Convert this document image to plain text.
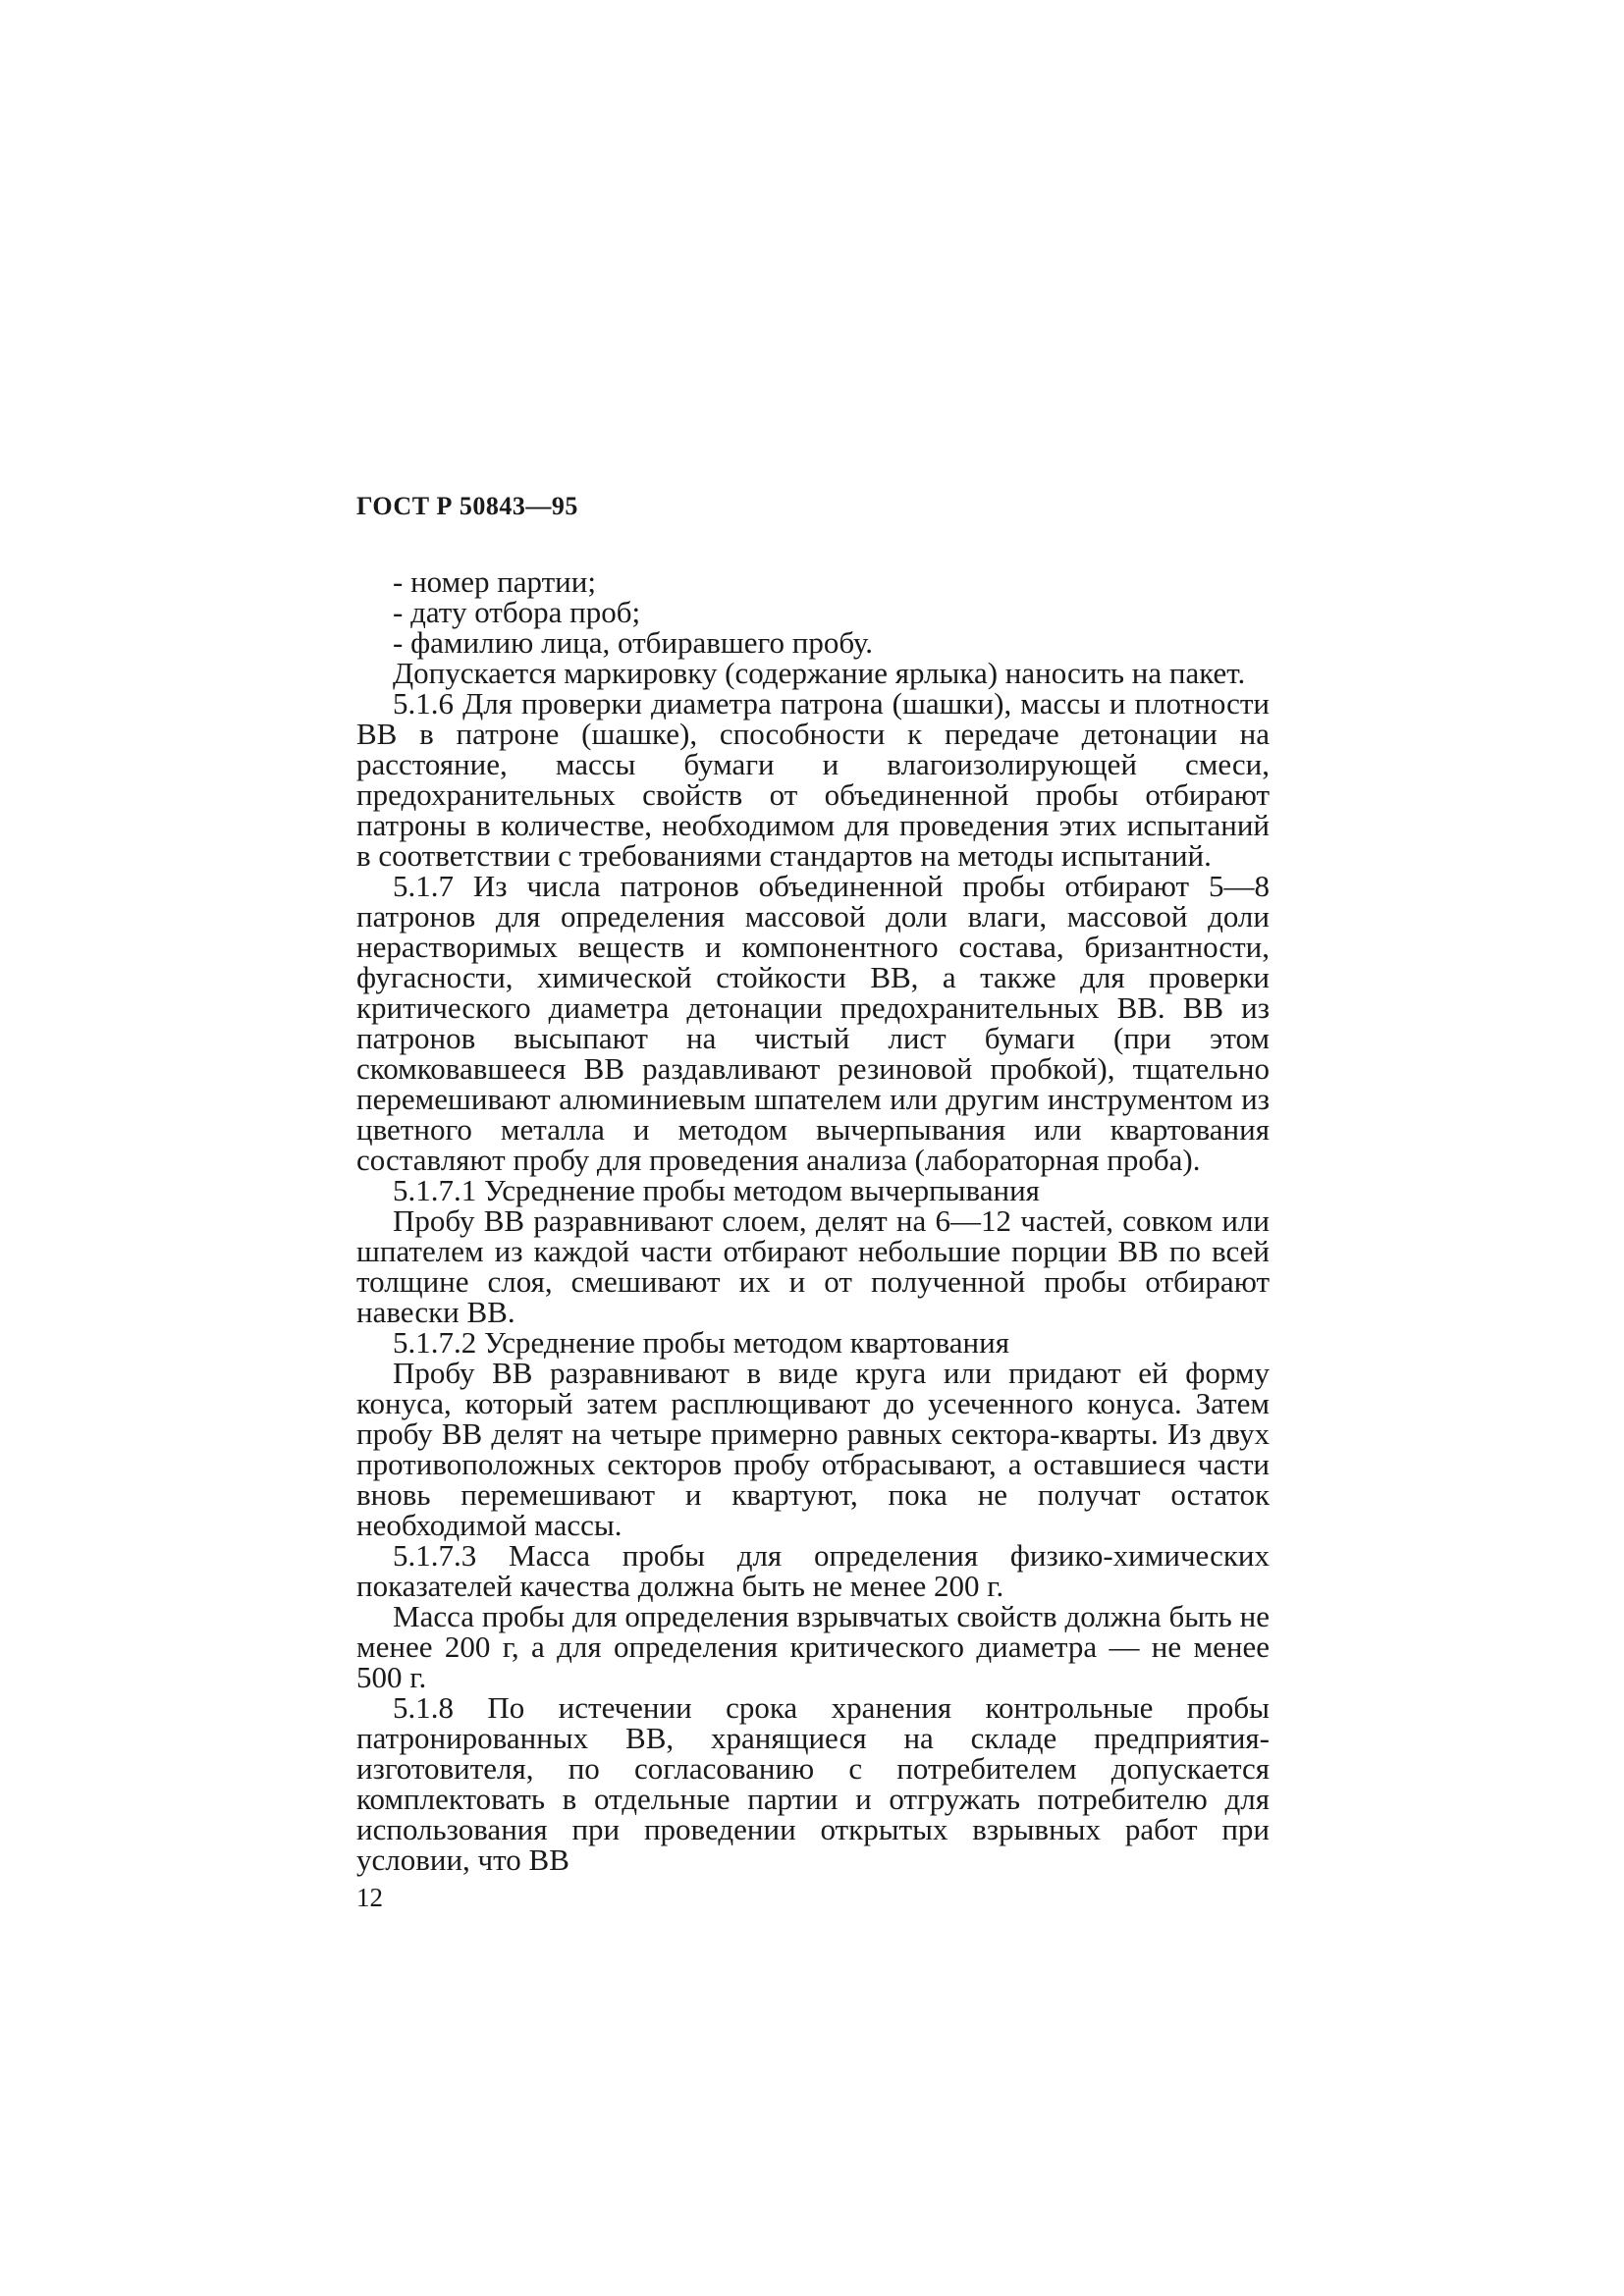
ГОСТ Р 50843—95
- номер партии;
- дату отбора проб;
- фамилию лица, отбиравшего пробу.

Допускается маркировку (содержание ярлыка) наносить на пакет.

5.1.6 Для проверки диаметра патрона (шашки), массы и плотности ВВ в патроне (шашке), способности к передаче детонации на расстояние, массы бумаги и влагоизолирующей смеси, предохранительных свойств от объединенной пробы отбирают патроны в количестве, необходимом для проведения этих испытаний в соответствии с требованиями стандартов на методы испытаний.

5.1.7 Из числа патронов объединенной пробы отбирают 5—8 патронов для определения массовой доли влаги, массовой доли нерастворимых веществ и компонентного состава, бризантности, фугасности, химической стойкости ВВ, а также для проверки критического диаметра детонации предохранительных ВВ. ВВ из патронов высыпают на чистый лист бумаги (при этом скомковавшееся ВВ раздавливают резиновой пробкой), тщательно перемешивают алюминиевым шпателем или другим инструментом из цветного металла и методом вычерпывания или квартования составляют пробу для проведения анализа (лабораторная проба).

5.1.7.1 Усреднение пробы методом вычерпывания

Пробу ВВ разравнивают слоем, делят на 6—12 частей, совком или шпателем из каждой части отбирают небольшие порции ВВ по всей толщине слоя, смешивают их и от полученной пробы отбирают навески ВВ.

5.1.7.2 Усреднение пробы методом квартования

Пробу ВВ разравнивают в виде круга или придают ей форму конуса, который затем расплющивают до усеченного конуса. Затем пробу ВВ делят на четыре примерно равных сектора-кварты. Из двух противоположных секторов пробу отбрасывают, а оставшиеся части вновь перемешивают и квартуют, пока не получат остаток необходимой массы.

5.1.7.3 Масса пробы для определения физико-химических показателей качества должна быть не менее 200 г.

Масса пробы для определения взрывчатых свойств должна быть не менее 200 г, а для определения критического диаметра — не менее 500 г.

5.1.8 По истечении срока хранения контрольные пробы патронированных ВВ, хранящиеся на складе предприятия-изготовителя, по согласованию с потребителем допускается комплектовать в отдельные партии и отгружать потребителю для использования при проведении открытых взрывных работ при условии, что ВВ

12
